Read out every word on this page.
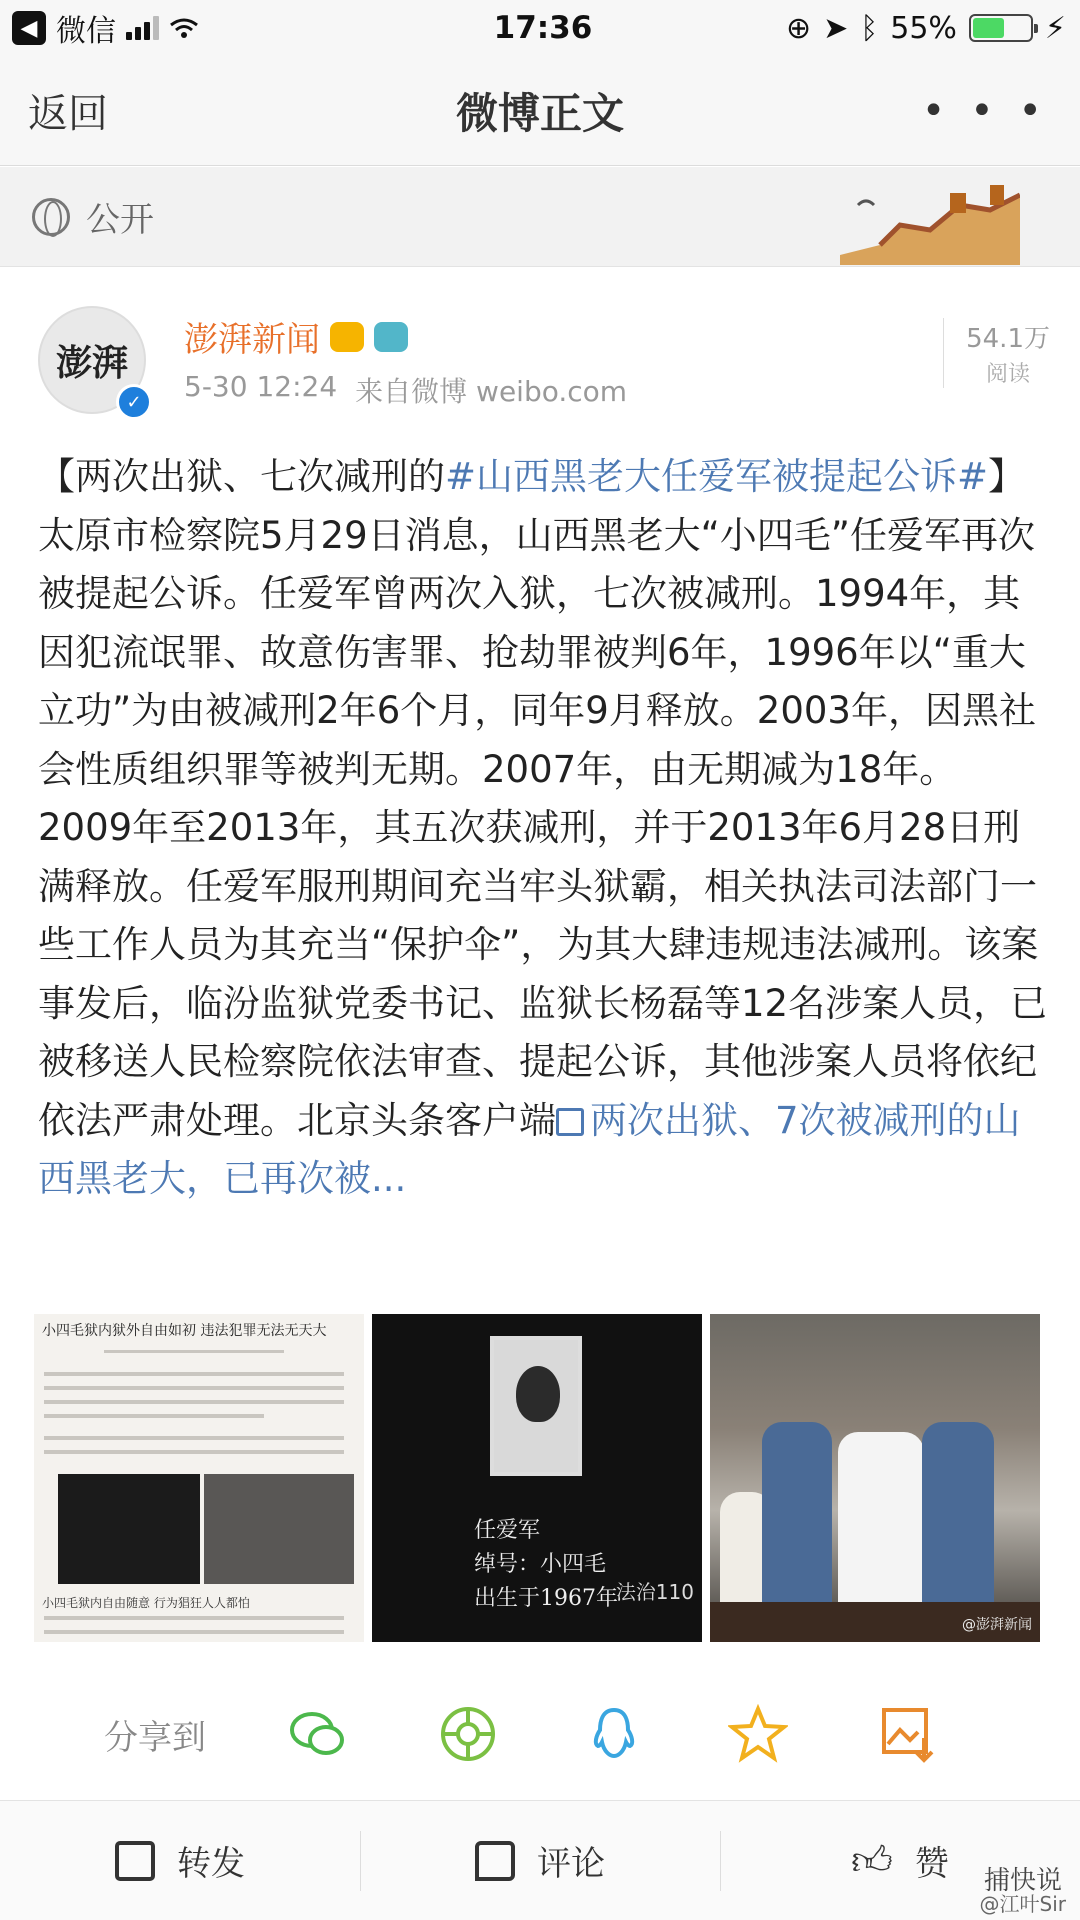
◀ 微信	17:36	⊕ ➤ ᛒ 55%	⚡
返回	微博正文	• • •
公开
澎湃
✓
澎湃新闻
5-30 12:24 来自微博 weibo.com
54.1万
阅读
【两次出狱、七次减刑的#山西黑老大任爱军被提起公诉#】太原市检察院5月29日消息，山西黑老大“小四毛”任爱军再次被提起公诉。任爱军曾两次入狱，七次被减刑。1994年，其因犯流氓罪、故意伤害罪、抢劫罪被判6年，1996年以“重大立功”为由被减刑2年6个月，同年9月释放。2003年，因黑社会性质组织罪等被判无期。2007年，由无期减为18年。2009年至2013年，其五次获减刑，并于2013年6月28日刑满释放。任爱军服刑期间充当牢头狱霸，相关执法司法部门一些工作人员为其充当“保护伞”，为其大肆违规违法减刑。该案事发后，临汾监狱党委书记、监狱长杨磊等12名涉案人员，已被移送人民检察院依法审查、提起公诉，其他涉案人员将依纪依法严肃处理。北京头条客户端 两次出狱、7次被减刑的山西黑老大，已再次被...
小四毛狱内狱外自由如初 违法犯罪无法无天大
小四毛狱内自由随意 行为猖狂人人都怕
任爱军
绰号：小四毛
出生于1967年
法治110
@澎湃新闻
分享到
转发	评论	👍︎ 赞 捕快说
@江叶Sir
